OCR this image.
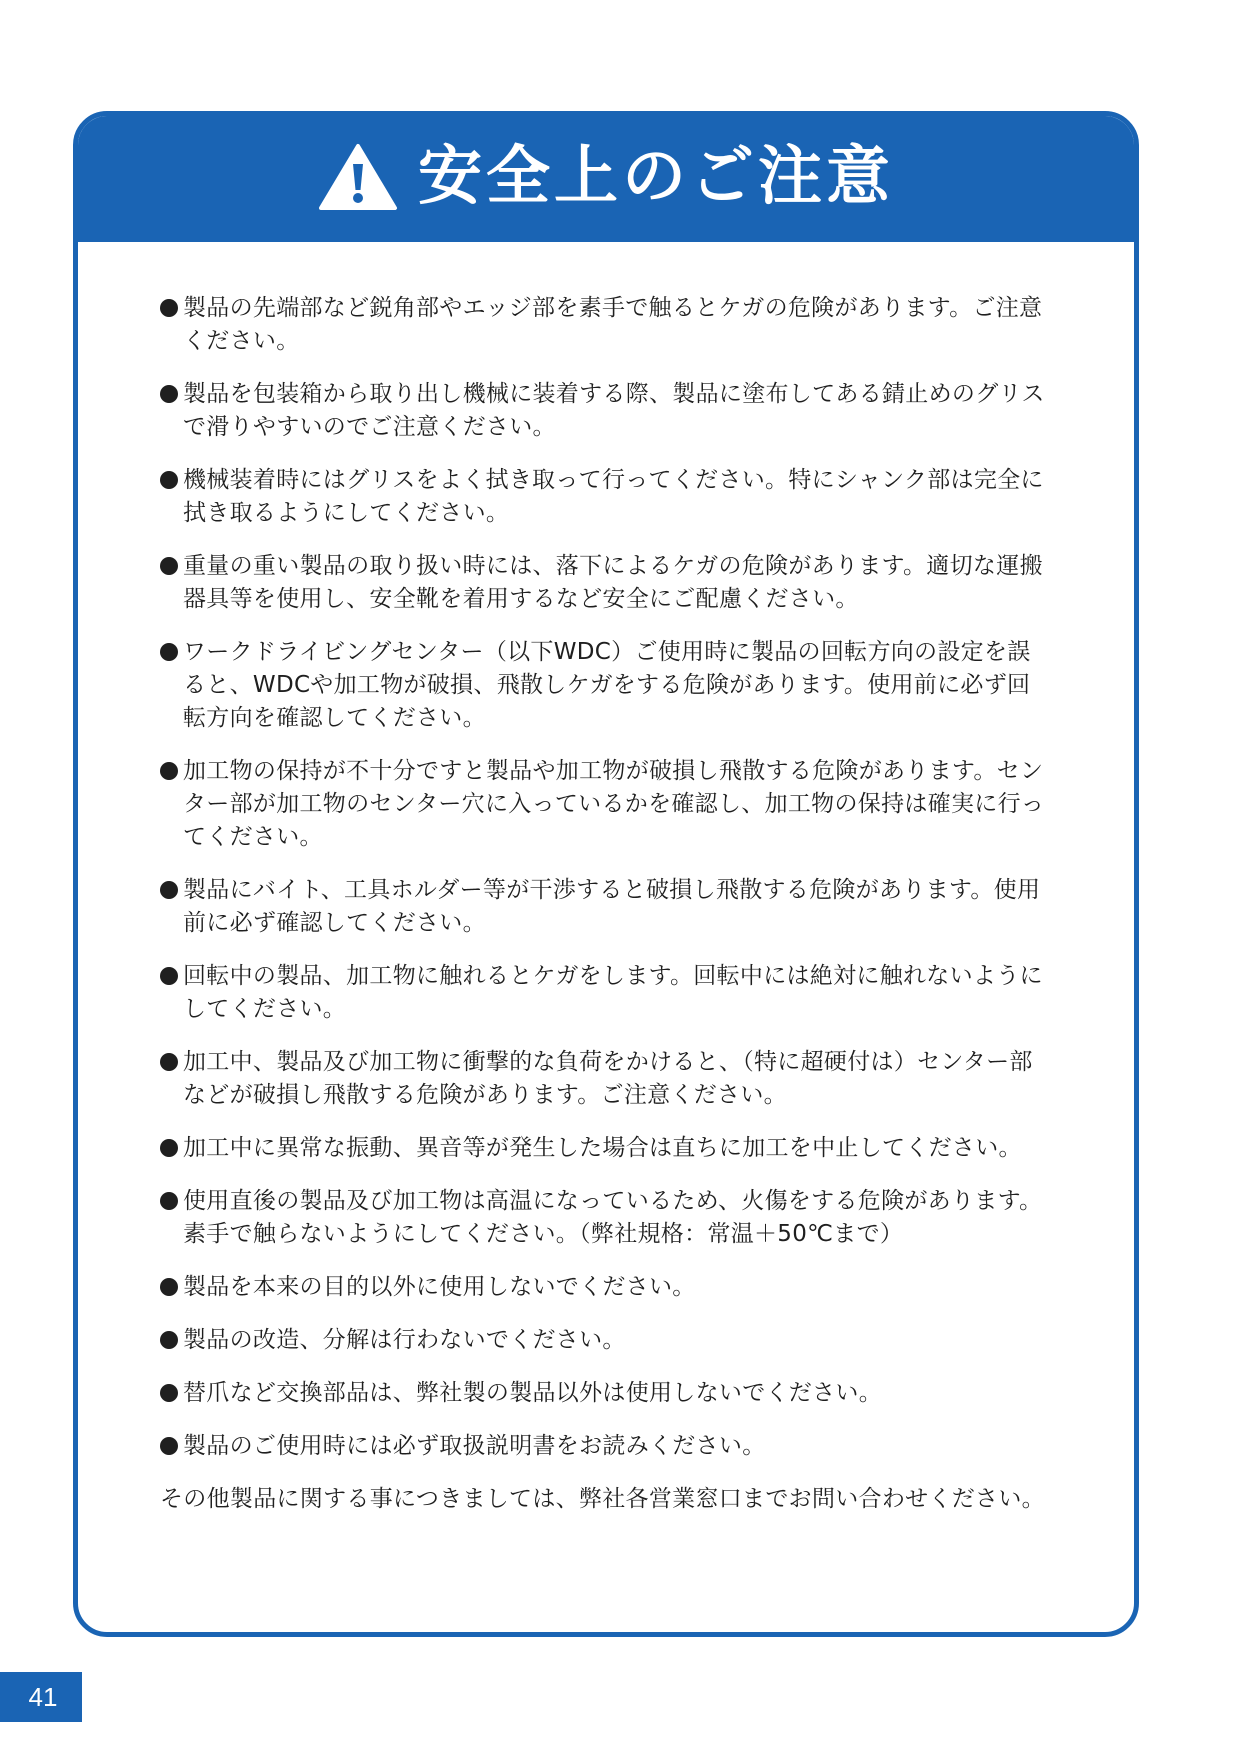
安全上のご注意
製品の先端部など鋭角部やエッジ部を素手で触るとケガの危険があります。ご注意ください。
製品を包装箱から取り出し機械に装着する際、製品に塗布してある錆止めのグリスで滑りやすいのでご注意ください。
機械装着時にはグリスをよく拭き取って行ってください。特にシャンク部は完全に拭き取るようにしてください。
重量の重い製品の取り扱い時には、落下によるケガの危険があります。適切な運搬器具等を使用し、安全靴を着用するなど安全にご配慮ください。
ワークドライビングセンター（以下WDC）ご使用時に製品の回転方向の設定を誤ると、WDCや加工物が破損、飛散しケガをする危険があります。使用前に必ず回転方向を確認してください。
加工物の保持が不十分ですと製品や加工物が破損し飛散する危険があります。センター部が加工物のセンター穴に入っているかを確認し、加工物の保持は確実に行ってください。
製品にバイト、工具ホルダー等が干渉すると破損し飛散する危険があります。使用前に必ず確認してください。
回転中の製品、加工物に触れるとケガをします。回転中には絶対に触れないようにしてください。
加工中、製品及び加工物に衝撃的な負荷をかけると、（特に超硬付は）センター部などが破損し飛散する危険があります。ご注意ください。
加工中に異常な振動、異音等が発生した場合は直ちに加工を中止してください。
使用直後の製品及び加工物は高温になっているため、火傷をする危険があります。素手で触らないようにしてください。（弊社規格：常温＋50℃まで）
製品を本来の目的以外に使用しないでください。
製品の改造、分解は行わないでください。
替爪など交換部品は、弊社製の製品以外は使用しないでください。
製品のご使用時には必ず取扱説明書をお読みください。
その他製品に関する事につきましては、弊社各営業窓口までお問い合わせください。
41
